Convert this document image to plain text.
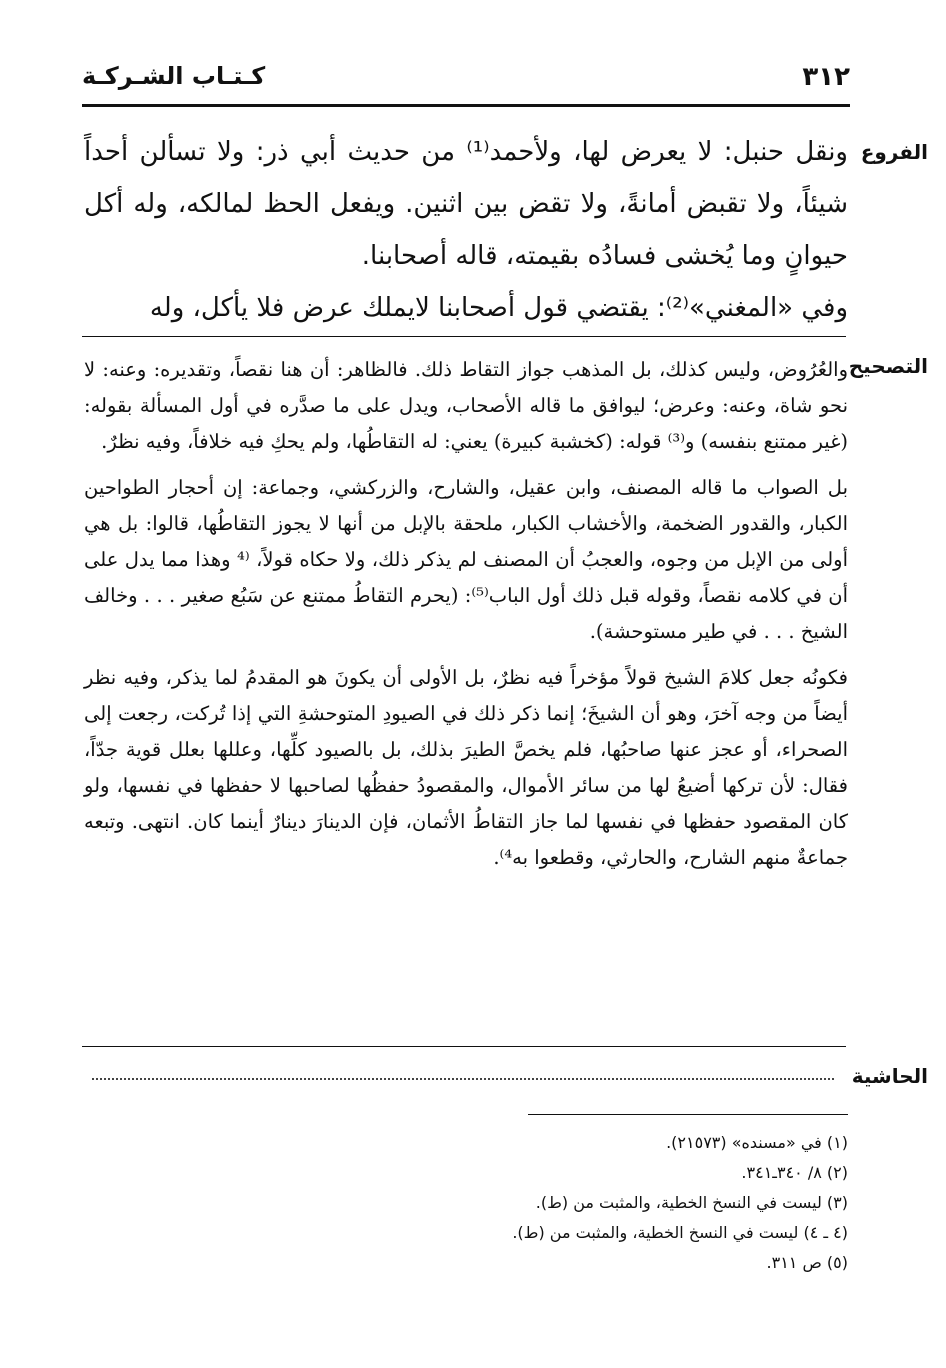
٣١٢
كـتـاب الشـركـة
الفروع

ونقل حنبل: لا يعرض لها، ولأحمد⁽¹⁾ من حديث أبي ذر: ولا تسألن أحداً شيئاً، ولا تقبض أمانةً، ولا تقض بين اثنين. ويفعل الحظ لمالكه، وله أكل حيوانٍ وما يُخشى فسادُه بقيمته، قاله أصحابنا.

وفي «المغني»⁽²⁾: يقتضي قول أصحابنا لايملك عرض فلا يأكل، وله

التصحيح

والعُرُوض، وليس كذلك، بل المذهب جواز التقاط ذلك. فالظاهر: أن هنا نقصاً، وتقديره: وعنه: لا نحو شاة، وعنه: وعرض؛ ليوافق ما قاله الأصحاب، ويدل على ما صدَّره في أول المسألة بقوله: (غير ممتنع بنفسه) و⁽³⁾ قوله: (كخشبة كبيرة) يعني: له التقاطُها، ولم يحكِ فيه خلافاً، وفيه نظرٌ.

بل الصواب ما قاله المصنف، وابن عقيل، والشارح، والزركشي، وجماعة: إن أحجار الطواحين الكبار، والقدور الضخمة، والأخشاب الكبار، ملحقة بالإبل من أنها لا يجوز التقاطُها، قالوا: بل هي أولى من الإبل من وجوه، والعجبُ أن المصنف لم يذكر ذلك، ولا حكاه قولاً، ⁽⁴ وهذا مما يدل على أن في كلامه نقصاً، وقوله قبل ذلك أول الباب⁽⁵⁾: (يحرم التقاطُ ممتنع عن سَبُع صغير . . . وخالف الشيخ . . . في طير مستوحشة).

فكونُه جعل كلامَ الشيخ قولاً مؤخراً فيه نظرٌ، بل الأولى أن يكونَ هو المقدمُ لما يذكر، وفيه نظر أيضاً من وجه آخرَ، وهو أن الشيخَ؛ إنما ذكر ذلك في الصيودِ المتوحشةِ التي إذا تُركت، رجعت إلى الصحراء، أو عجز عنها صاحبُها، فلم يخصَّ الطيرَ بذلك، بل بالصيود كلِّها، وعللها بعلل قوية جدّاً، فقال: لأن تركها أضيعُ لها من سائر الأموال، والمقصودُ حفظُها لصاحبها لا حفظها في نفسها، ولو كان المقصود حفظها في نفسها لما جاز التقاطُ الأثمان، فإن الدينارَ دينارٌ أينما كان. انتهى. وتبعه جماعةٌ منهم الشارح، والحارثي، وقطعوا به⁴⁾.

الحاشية
(١) في «مسنده» (٢١٥٧٣).
(٢) ٨/ ٣٤٠ـ٣٤١.
(٣) ليست في النسخ الخطية، والمثبت من (ط).
(٤ ـ ٤) ليست في النسخ الخطية، والمثبت من (ط).
(٥) ص ٣١١.
